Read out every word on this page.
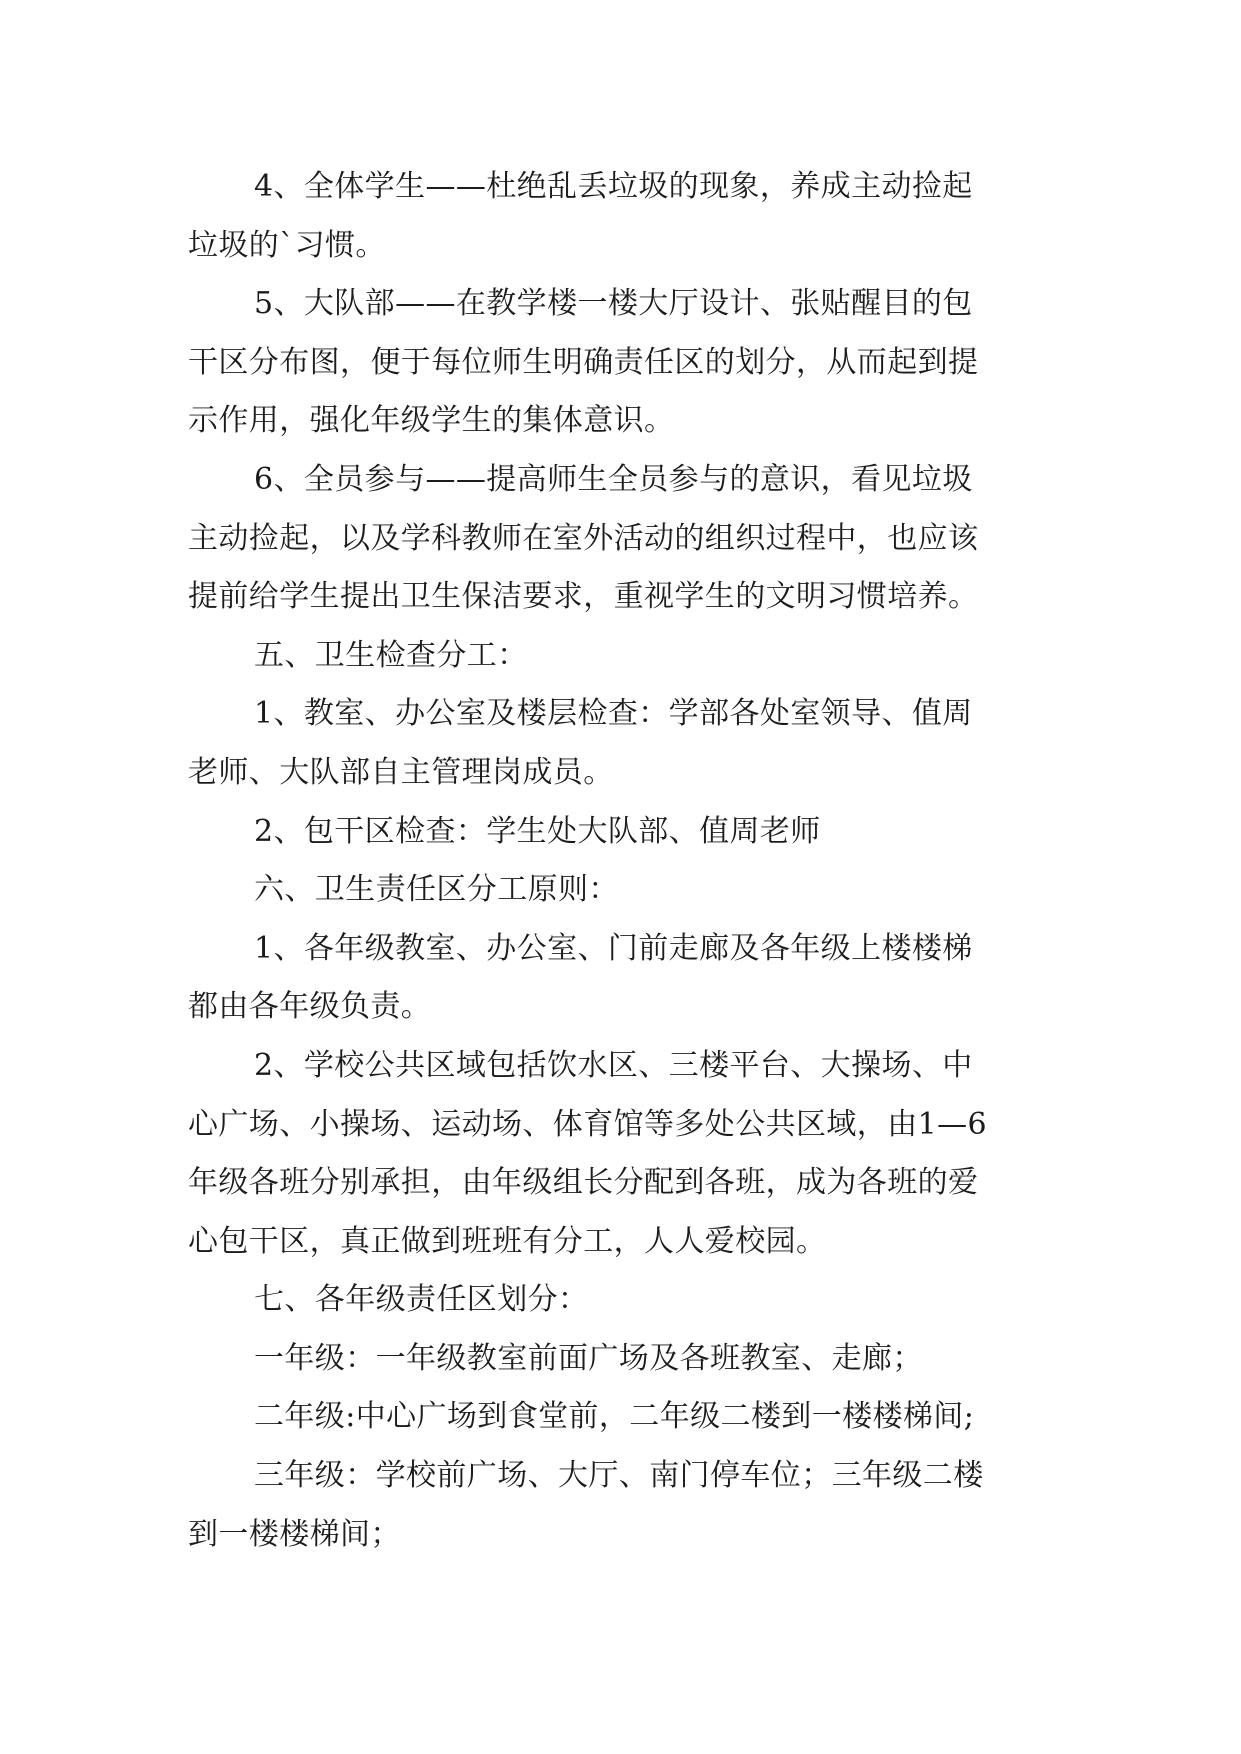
4、全体学生——杜绝乱丢垃圾的现象，养成主动捡起
垃圾的`习惯。
5、大队部——在教学楼一楼大厅设计、张贴醒目的包
干区分布图，便于每位师生明确责任区的划分，从而起到提
示作用，强化年级学生的集体意识。
6、全员参与——提高师生全员参与的意识，看见垃圾
主动捡起，以及学科教师在室外活动的组织过程中，也应该
提前给学生提出卫生保洁要求，重视学生的文明习惯培养。
五、卫生检查分工：
1、教室、办公室及楼层检查：学部各处室领导、值周
老师、大队部自主管理岗成员。
2、包干区检查：学生处大队部、值周老师
六、卫生责任区分工原则：
1、各年级教室、办公室、门前走廊及各年级上楼楼梯
都由各年级负责。
2、学校公共区域包括饮水区、三楼平台、大操场、中
心广场、小操场、运动场、体育馆等多处公共区域，由1—6
年级各班分别承担，由年级组长分配到各班，成为各班的爱
心包干区，真正做到班班有分工，人人爱校园。
七、各年级责任区划分：
一年级：一年级教室前面广场及各班教室、走廊；
二年级:中心广场到食堂前，二年级二楼到一楼楼梯间;
三年级：学校前广场、大厅、南门停车位；三年级二楼
到一楼楼梯间；
